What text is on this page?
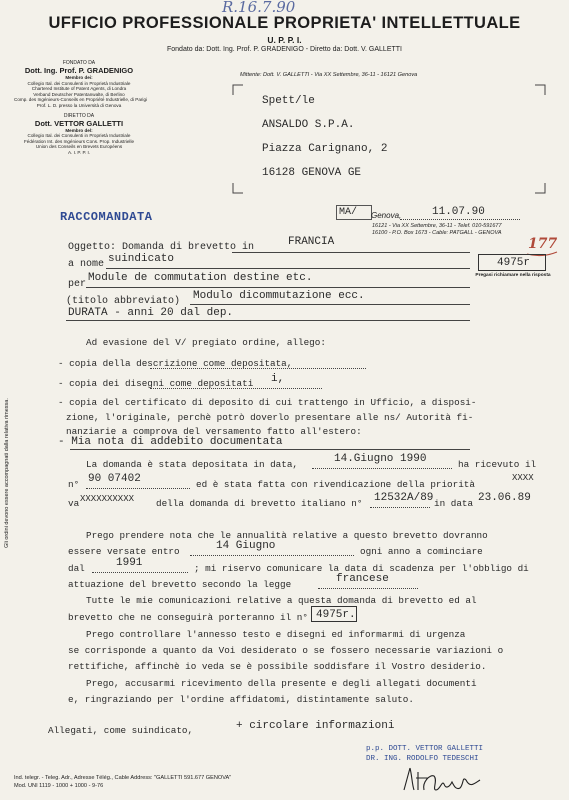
R.16.7.90
UFFICIO PROFESSIONALE PROPRIETA' INTELLETTUALE
U. P. P. I.
Fondato da: Dott. Ing. Prof. P. GRADENIGO - Diretto da: Dott. V. GALLETTI
FONDATO DA
Dott. Ing. Prof. P. GRADENIGO
Membro dei:
Collegio Ital. dei Consulenti in Proprietà Industriale
Chartered Institute of Patent Agents, di Londra
Verband Deutscher Patentanwalte, di Berlino
Comp. des Ingénieurs-Conseils en Propriété Industrielle, di Parigi
Prof. L. D. presso la Università di Genova
DIRETTO DA
Dott. VETTOR GALLETTI
Membro del:
Collegio Ital. dei Consulenti in Proprietà Industriale
Fédération Int. des Ingénieurs Cons. Prop. Industrielle
Union des Conseils en Brevets Européens
A. I. P. P. I.
Gli ordini devono essere accompagnati dalla relativa rimessa.
Mittente: Dott. V. GALLETTI - Via XX Settembre, 36-11 - 16121 Genova
Spett/le
ANSALDO S.P.A.
Piazza Carignano, 2
16128 GENOVA GE
RACCOMANDATA	MA/	Genova,	11.07.90
16121 - Via XX Settembre, 36-11 - Telef. 010-591677
16100 - P.O. Box 1673 - Cable: PATGALL - GENOVA
177
Oggetto: Domanda di brevetto in	FRANCIA
a nome suindicato	4975r
Pregasi richiamare nella risposta
per
Module de commutation destine etc.
(titolo abbreviato) Modulo dicommutazione ecc.
DURATA - anni 20 dal dep.
Ad evasione del V/ pregiato ordine, allego:
- copia della descrizione come depositata,
- copia dei disegni come depositati i,
- copia del certificato di deposito di cui trattengo in Ufficio, a disposi-
zione, l'originale, perchè potrò doverlo presentare alle ns/ Autorità fi-
nanziarie a comprova del versamento fatto all'estero:
- Mia nota di addebito documentata
La domanda è stata depositata in data,	14.Giugno 1990	ha ricevuto il
n° 90 07402	ed è stata fatta con rivendicazione della priorità
XXXX
va XXXXXXXXXX della domanda di brevetto italiano n° 12532A/89 in data 23.06.89
Prego prendere nota che le annualità relative a questo brevetto dovranno
essere versate entro	14 Giugno	ogni anno a cominciare
dal	1991	; mi riservo comunicare la data di scadenza per l'obbligo di
attuazione del brevetto secondo la legge	francese
Tutte le mie comunicazioni relative a questa domanda di brevetto ed al
brevetto che ne conseguirà porteranno il n° 4975r.
Prego controllare l'annesso testo e disegni ed informarmi di urgenza
se corrisponde a quanto da Voi desiderato o se fossero necessarie variazioni o
rettifiche, affinchè io veda se è possibile soddisfare il Vostro desiderio.
Prego, accusarmi ricevimento della presente e degli allegati documenti
e, ringraziando per l'ordine affidatomi, distintamente saluto.
Allegati, come suindicato,	+ circolare informazioni
p.p. DOTT. VETTOR GALLETTI
DR. ING. RODOLFO TEDESCHI
Ind. telegr. - Teleg. Adr., Adresse Télég., Cable Address: "GALLETTI 591.677 GENOVA"
Mod. UNI 1119 - 1000 + 1000 - 9-76
